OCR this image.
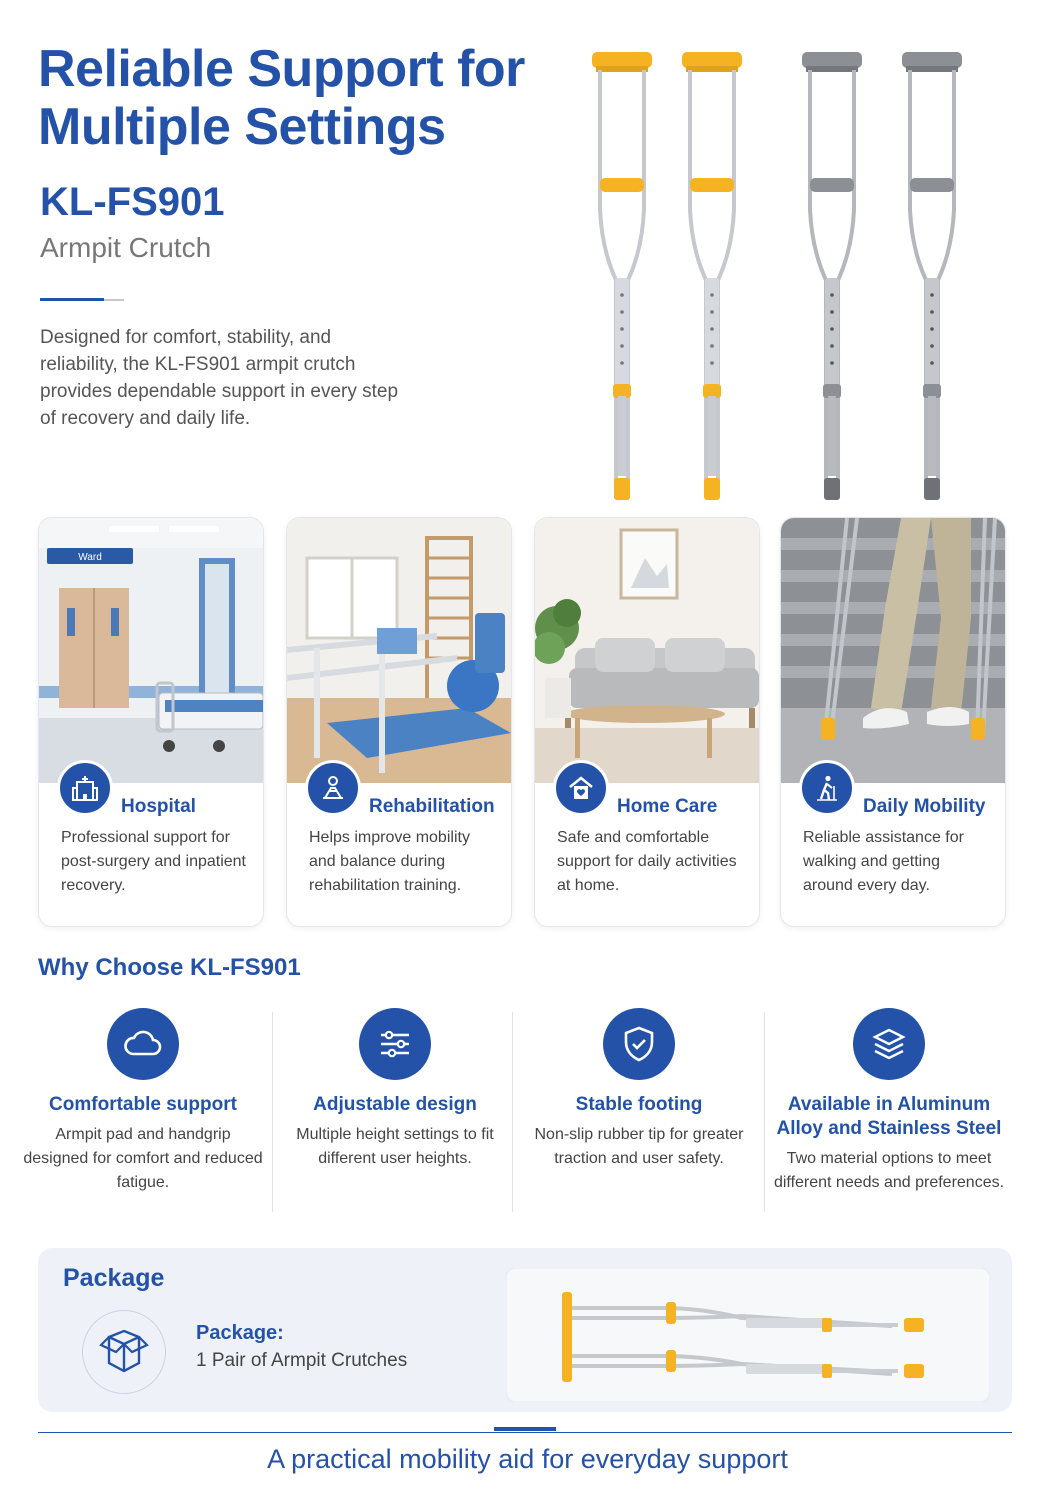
Reliable Support for Multiple Settings
KL-FS901
Armpit Crutch

Designed for comfort, stability, and reliability, the KL-FS901 armpit crutch provides dependable support in every step of recovery and daily life.

Ward
Hospital
Professional support for post-surgery and inpatient recovery.
Rehabilitation
Helps improve mobility and balance during rehabilitation training.
Home Care
Safe and comfortable support for daily activities at home.
Daily Mobility
Reliable assistance for walking and getting around every day.
Why Choose KL-FS901
Comfortable support
Armpit pad and handgrip designed for comfort and reduced fatigue.
Adjustable design
Multiple height settings to fit different user heights.
Stable footing
Non-slip rubber tip for greater traction and user safety.
Available in Aluminum Alloy and Stainless Steel
Two material options to meet different needs and preferences.
Package
Package:
1 Pair of Armpit Crutches
A practical mobility aid for everyday support
